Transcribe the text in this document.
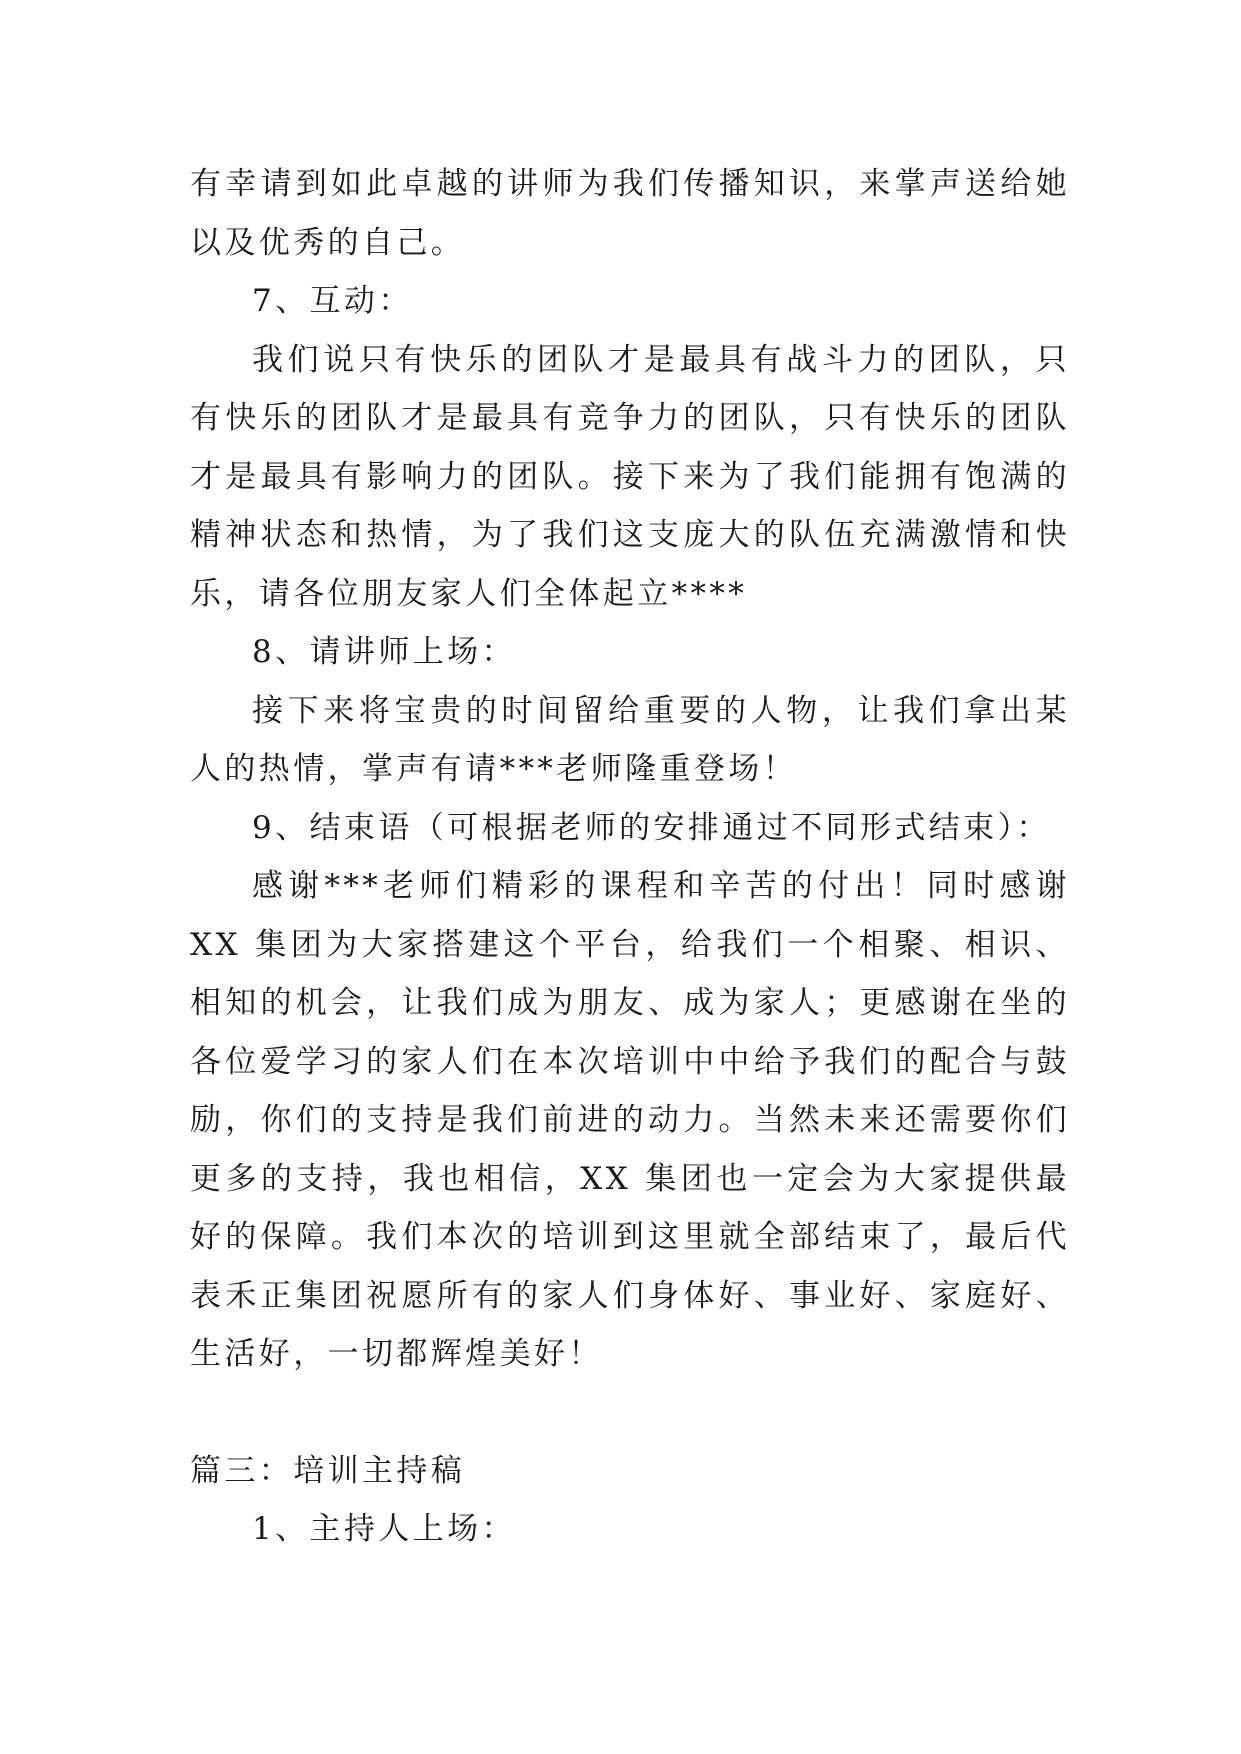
有幸请到如此卓越的讲师为我们传播知识，来掌声送给她以及优秀的自己。

7、互动：

我们说只有快乐的团队才是最具有战斗力的团队，只有快乐的团队才是最具有竞争力的团队，只有快乐的团队才是最具有影响力的团队。接下来为了我们能拥有饱满的精神状态和热情，为了我们这支庞大的队伍充满激情和快乐，请各位朋友家人们全体起立****

8、请讲师上场：

接下来将宝贵的时间留给重要的人物，让我们拿出某人的热情，掌声有请***老师隆重登场！

9、结束语（可根据老师的安排通过不同形式结束）：

感谢***老师们精彩的课程和辛苦的付出！同时感谢 XX 集团为大家搭建这个平台，给我们一个相聚、相识、相知的机会，让我们成为朋友、成为家人；更感谢在坐的各位爱学习的家人们在本次培训中中给予我们的配合与鼓励，你们的支持是我们前进的动力。当然未来还需要你们更多的支持，我也相信，XX 集团也一定会为大家提供最好的保障。我们本次的培训到这里就全部结束了，最后代表禾正集团祝愿所有的家人们身体好、事业好、家庭好、生活好，一切都辉煌美好！

篇三：培训主持稿

1、主持人上场：
